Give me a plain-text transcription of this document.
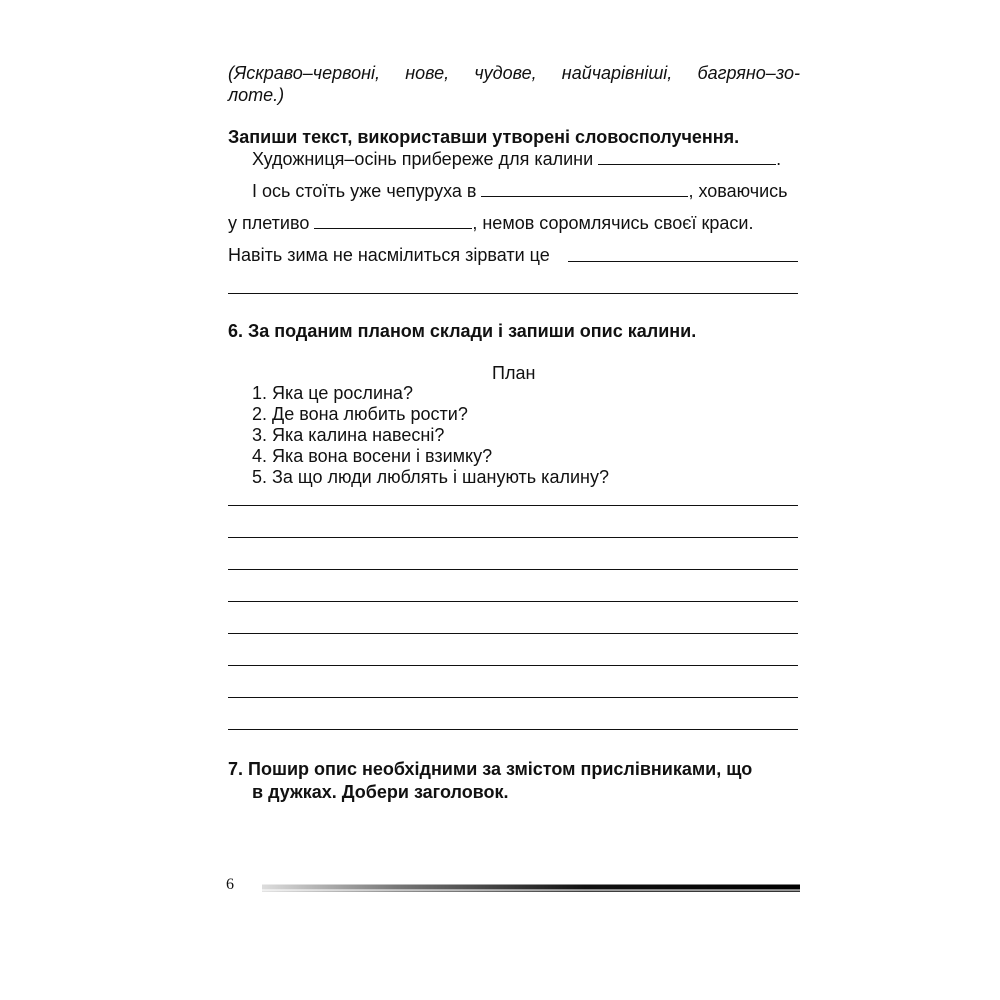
(Яскраво–червоні, нове, чудове, найчарівніші, багряно–зо-
лоте.)
Запиши текст, використавши утворені словосполучення.
Художниця–осінь прибереже для калини	.
І ось стоїть уже чепуруха в	, ховаючись
у плетиво	, немов соромлячись своєї краси.
Навіть зима не насмілиться зірвати це
6. За поданим планом склади і запиши опис калини.
План
1. Яка це рослина?
2. Де вона любить рости?
3. Яка калина навесні?
4. Яка вона восени і взимку?
5. За що люди люблять і шанують калину?
7. Пошир опис необхідними за змістом прислівниками, що
в дужках. Добери заголовок.
6
